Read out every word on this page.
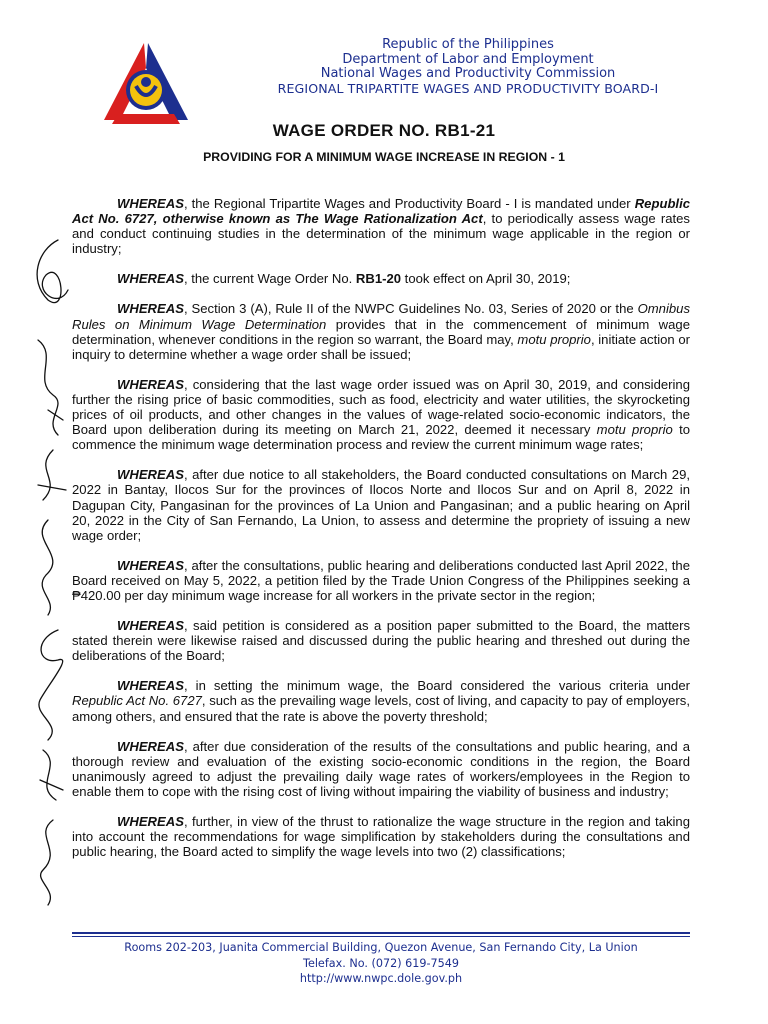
Republic of the Philippines
Department of Labor and Employment
National Wages and Productivity Commission
REGIONAL TRIPARTITE WAGES AND PRODUCTIVITY BOARD-I
WAGE ORDER NO. RB1-21
PROVIDING FOR A MINIMUM WAGE INCREASE IN REGION - 1

WHEREAS, the Regional Tripartite Wages and Productivity Board - I is mandated under Republic Act No. 6727, otherwise known as The Wage Rationalization Act, to periodically assess wage rates and conduct continuing studies in the determination of the minimum wage applicable in the region or industry;

WHEREAS, the current Wage Order No. RB1-20 took effect on April 30, 2019;

WHEREAS, Section 3 (A), Rule II of the NWPC Guidelines No. 03, Series of 2020 or the Omnibus Rules on Minimum Wage Determination provides that in the commencement of minimum wage determination, whenever conditions in the region so warrant, the Board may, motu proprio, initiate action or inquiry to determine whether a wage order shall be issued;

WHEREAS, considering that the last wage order issued was on April 30, 2019, and considering further the rising price of basic commodities, such as food, electricity and water utilities, the skyrocketing prices of oil products, and other changes in the values of wage-related socio-economic indicators, the Board upon deliberation during its meeting on March 21, 2022, deemed it necessary motu proprio to commence the minimum wage determination process and review the current minimum wage rates;

WHEREAS, after due notice to all stakeholders, the Board conducted consultations on March 29, 2022 in Bantay, Ilocos Sur for the provinces of Ilocos Norte and Ilocos Sur and on April 8, 2022 in Dagupan City, Pangasinan for the provinces of La Union and Pangasinan; and a public hearing on April 20, 2022 in the City of San Fernando, La Union, to assess and determine the propriety of issuing a new wage order;

WHEREAS, after the consultations, public hearing and deliberations conducted last April 2022, the Board received on May 5, 2022, a petition filed by the Trade Union Congress of the Philippines seeking a ₱420.00 per day minimum wage increase for all workers in the private sector in the region;

WHEREAS, said petition is considered as a position paper submitted to the Board, the matters stated therein were likewise raised and discussed during the public hearing and threshed out during the deliberations of the Board;

WHEREAS, in setting the minimum wage, the Board considered the various criteria under Republic Act No. 6727, such as the prevailing wage levels, cost of living, and capacity to pay of employers, among others, and ensured that the rate is above the poverty threshold;

WHEREAS, after due consideration of the results of the consultations and public hearing, and a thorough review and evaluation of the existing socio-economic conditions in the region, the Board unanimously agreed to adjust the prevailing daily wage rates of workers/employees in the Region to enable them to cope with the rising cost of living without impairing the viability of business and industry;

WHEREAS, further, in view of the thrust to rationalize the wage structure in the region and taking into account the recommendations for wage simplification by stakeholders during the consultations and public hearing, the Board acted to simplify the wage levels into two (2) classifications;

Rooms 202-203, Juanita Commercial Building, Quezon Avenue, San Fernando City, La Union
Telefax. No. (072) 619-7549
http://www.nwpc.dole.gov.ph
